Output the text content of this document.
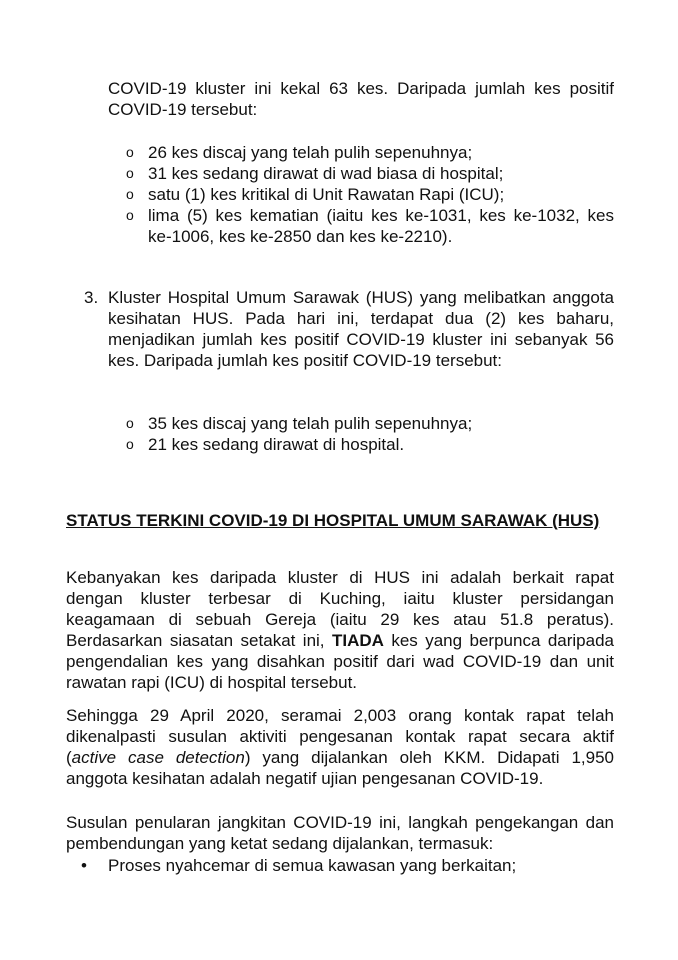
COVID-19 kluster ini kekal 63 kes. Daripada jumlah kes positif COVID-19 tersebut:

o 26 kes discaj yang telah pulih sepenuhnya;
o 31 kes sedang dirawat di wad biasa di hospital;
o satu (1) kes kritikal di Unit Rawatan Rapi (ICU);
o lima (5) kes kematian (iaitu kes ke-1031, kes ke-1032, kes ke-1006, kes ke-2850 dan kes ke-2210).
3. Kluster Hospital Umum Sarawak (HUS) yang melibatkan anggota kesihatan HUS. Pada hari ini, terdapat dua (2) kes baharu, menjadikan jumlah kes positif COVID-19 kluster ini sebanyak 56 kes. Daripada jumlah kes positif COVID-19 tersebut:
o 35 kes discaj yang telah pulih sepenuhnya;
o 21 kes sedang dirawat di hospital.
STATUS TERKINI COVID-19 DI HOSPITAL UMUM SARAWAK (HUS)

Kebanyakan kes daripada kluster di HUS ini adalah berkait rapat dengan kluster terbesar di Kuching, iaitu kluster persidangan keagamaan di sebuah Gereja (iaitu 29 kes atau 51.8 peratus). Berdasarkan siasatan setakat ini, TIADA kes yang berpunca daripada pengendalian kes yang disahkan positif dari wad COVID-19 dan unit rawatan rapi (ICU) di hospital tersebut.

Sehingga 29 April 2020, seramai 2,003 orang kontak rapat telah dikenalpasti susulan aktiviti pengesanan kontak rapat secara aktif (active case detection) yang dijalankan oleh KKM. Didapati 1,950 anggota kesihatan adalah negatif ujian pengesanan COVID-19.

Susulan penularan jangkitan COVID-19 ini, langkah pengekangan dan pembendungan yang ketat sedang dijalankan, termasuk:

• Proses nyahcemar di semua kawasan yang berkaitan;
